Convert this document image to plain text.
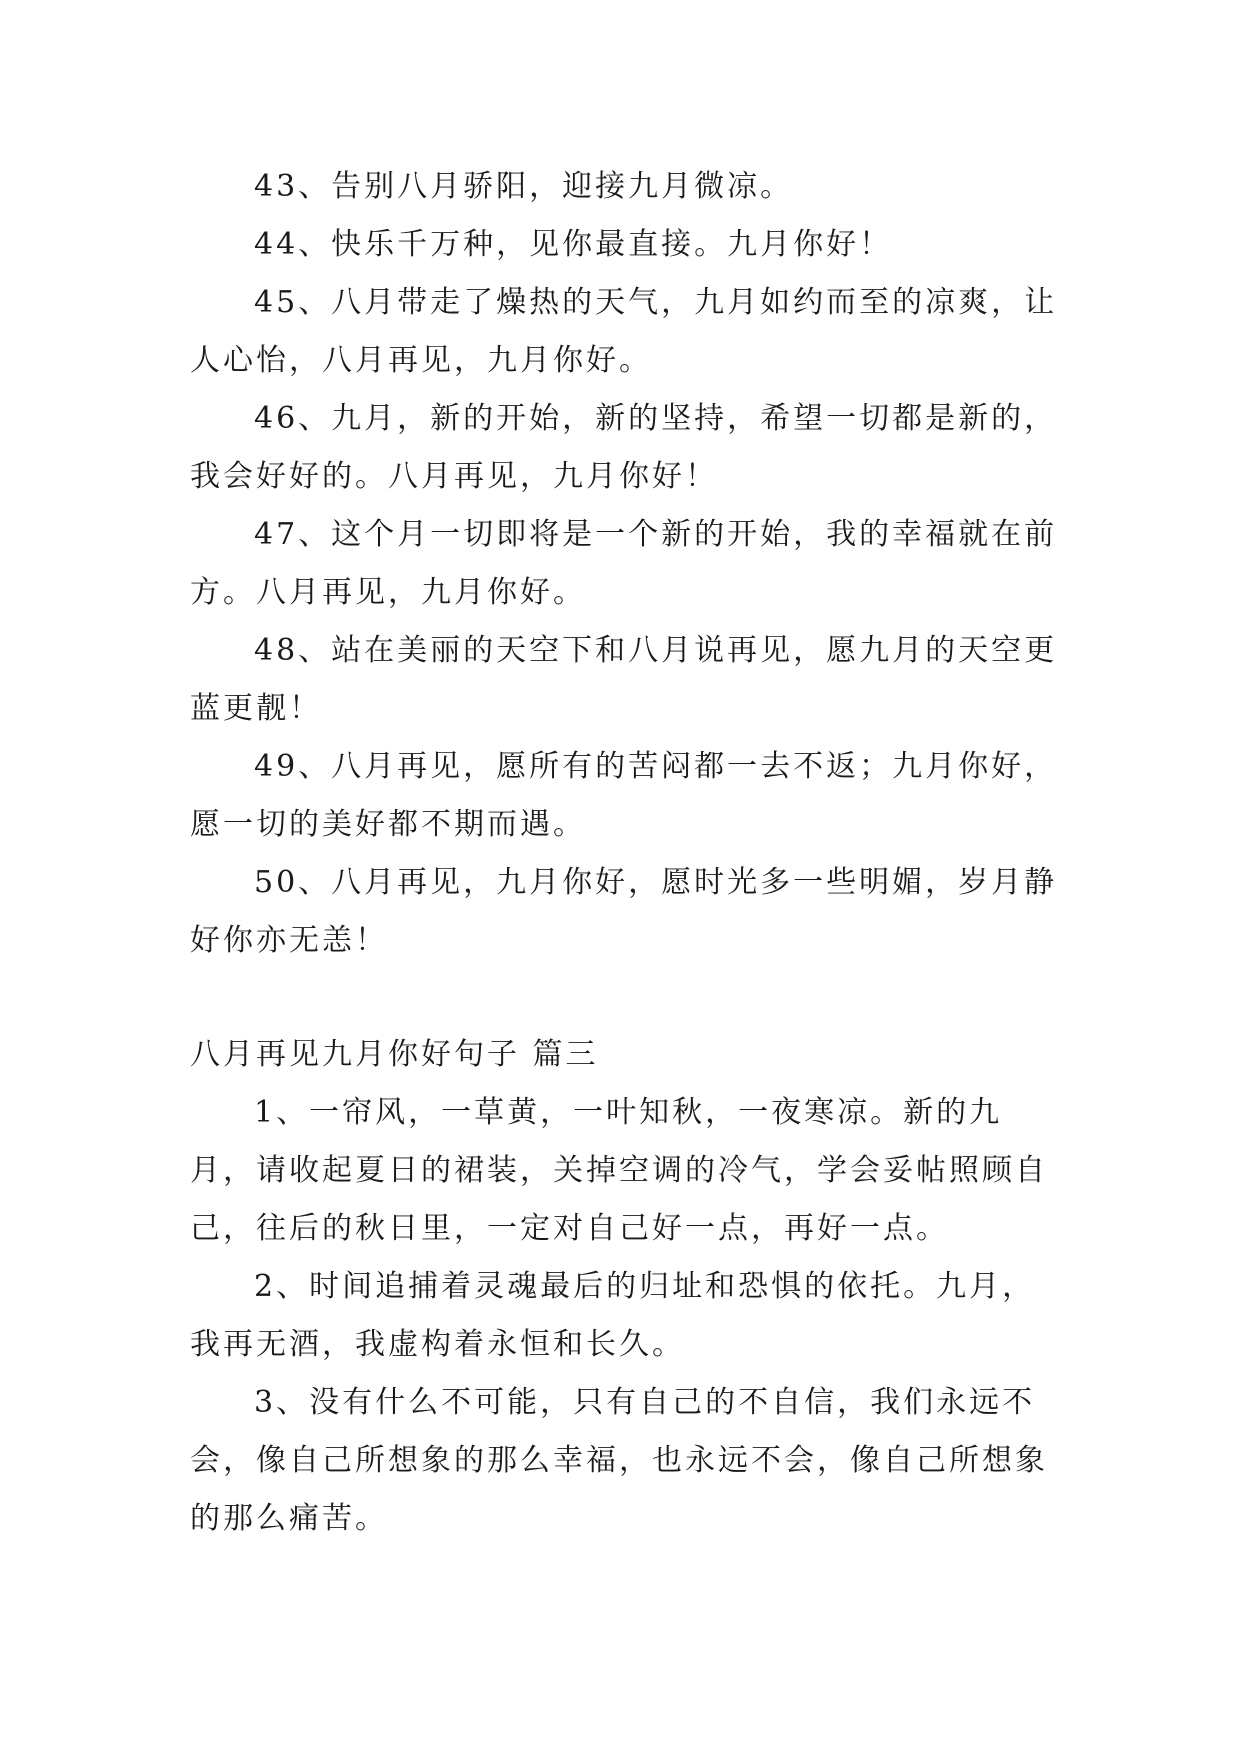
43、告别八月骄阳，迎接九月微凉。

44、快乐千万种，见你最直接。九月你好！

45、八月带走了燥热的天气，九月如约而至的凉爽，让人心怡，八月再见，九月你好。

46、九月，新的开始，新的坚持，希望一切都是新的，我会好好的。八月再见，九月你好！

47、这个月一切即将是一个新的开始，我的幸福就在前方。八月再见，九月你好。

48、站在美丽的天空下和八月说再见，愿九月的天空更蓝更靓！

49、八月再见，愿所有的苦闷都一去不返；九月你好，愿一切的美好都不期而遇。

50、八月再见，九月你好，愿时光多一些明媚，岁月静好你亦无恙！

八月再见九月你好句子 篇三

1、一帘风，一草黄，一叶知秋，一夜寒凉。新的九月，请收起夏日的裙装，关掉空调的冷气，学会妥帖照顾自己，往后的秋日里，一定对自己好一点，再好一点。

2、时间追捕着灵魂最后的归址和恐惧的依托。九月，我再无酒，我虚构着永恒和长久。

3、没有什么不可能，只有自己的不自信，我们永远不会，像自己所想象的那么幸福，也永远不会，像自己所想象的那么痛苦。
